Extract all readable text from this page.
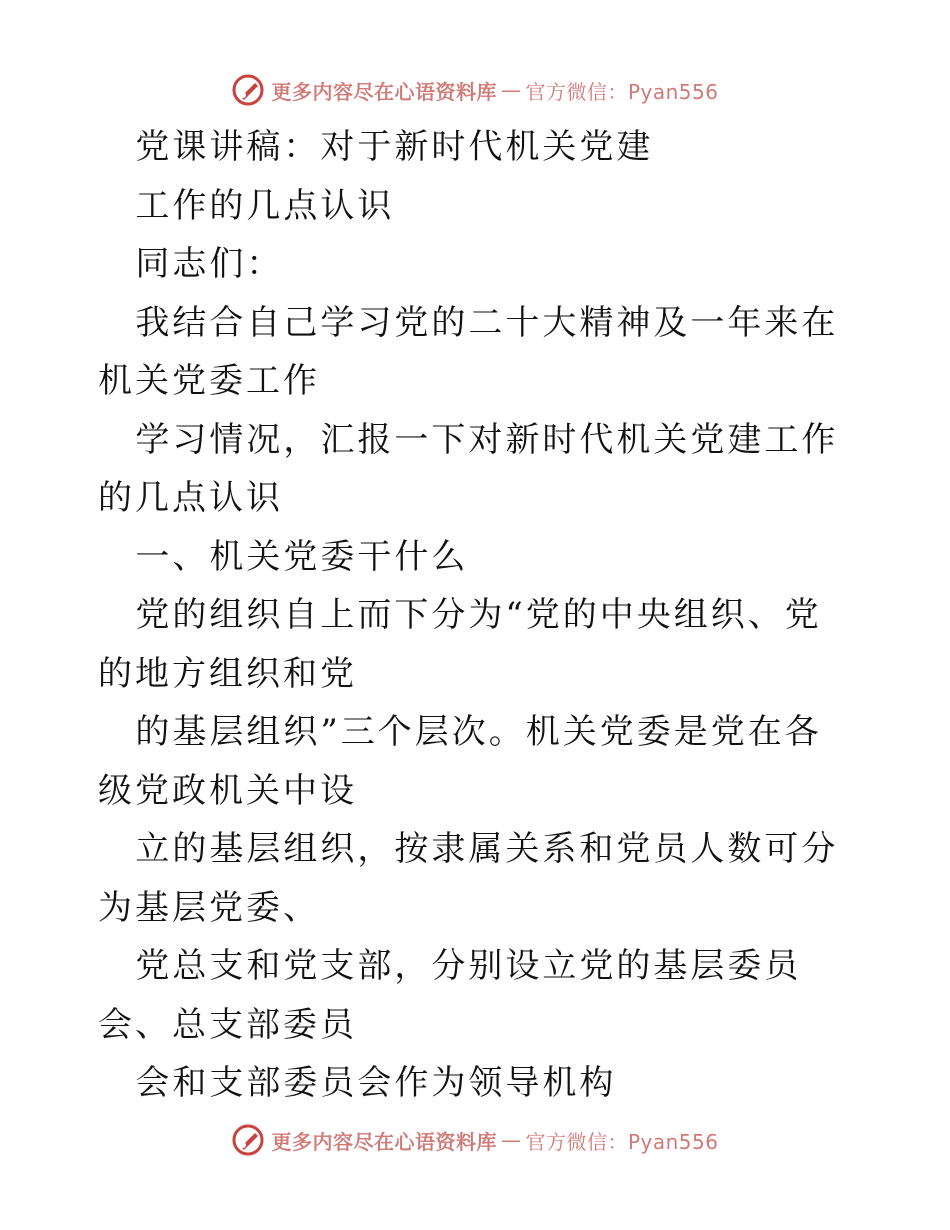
更多内容尽在心语资料库 — 官方微信：Pyan556

党课讲稿：对于新时代机关党建

工作的几点认识

同志们：

我结合自己学习党的二十大精神及一年来在机关党委工作

学习情况，汇报一下对新时代机关党建工作的几点认识

一、机关党委干什么

党的组织自上而下分为“党的中央组织、党的地方组织和党

的基层组织”三个层次。机关党委是党在各级党政机关中设

立的基层组织，按隶属关系和党员人数可分为基层党委、

党总支和党支部，分别设立党的基层委员会、总支部委员

会和支部委员会作为领导机构

更多内容尽在心语资料库 — 官方微信：Pyan556
